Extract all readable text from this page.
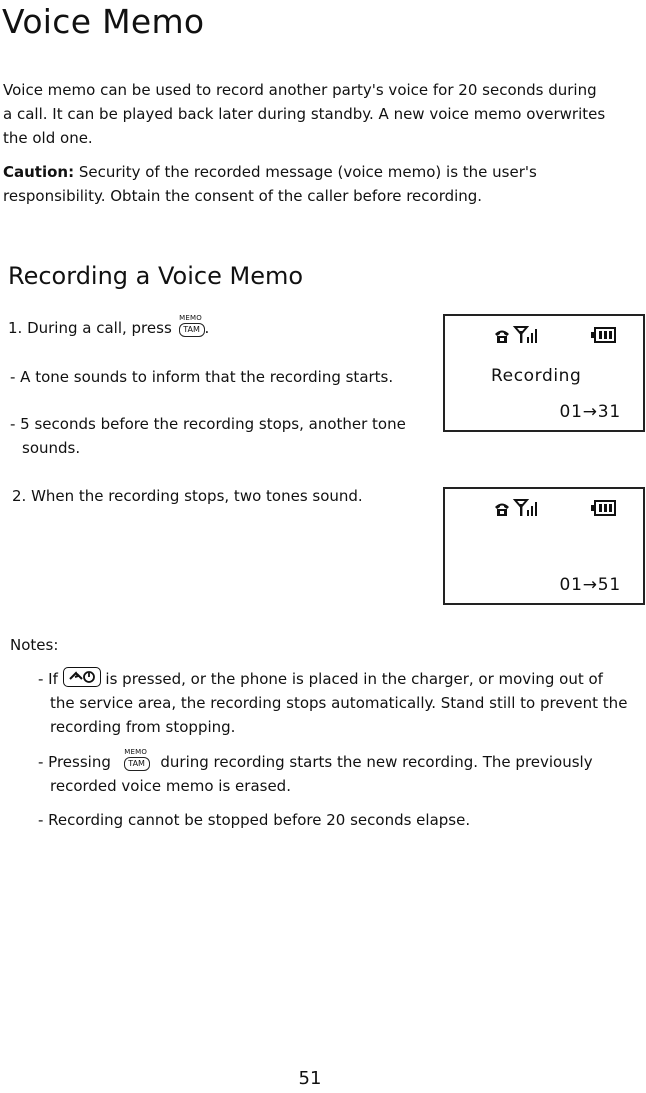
Voice Memo
Voice memo can be used to record another party's voice for 20 seconds during
a call. It can be played back later during standby. A new voice memo overwrites
the old one.
Caution: Security of the recorded message (voice memo) is the user's
responsibility. Obtain the consent of the caller before recording.
Recording a Voice Memo
1. During a call, press
MEMO
TAM .
- A tone sounds to inform that the recording starts.
- 5 seconds before the recording stops, another tone
sounds.
2. When the recording stops, two tones sound.
Recording
01→31
01→51
Notes:
- If	is pressed, or the phone is placed in the charger, or moving out of
the service area, the recording stops automatically. Stand still to prevent the
recording from stopping.
- Pressing
MEMO
TAM during recording starts the new recording. The previously
recorded voice memo is erased.
- Recording cannot be stopped before 20 seconds elapse.
51
